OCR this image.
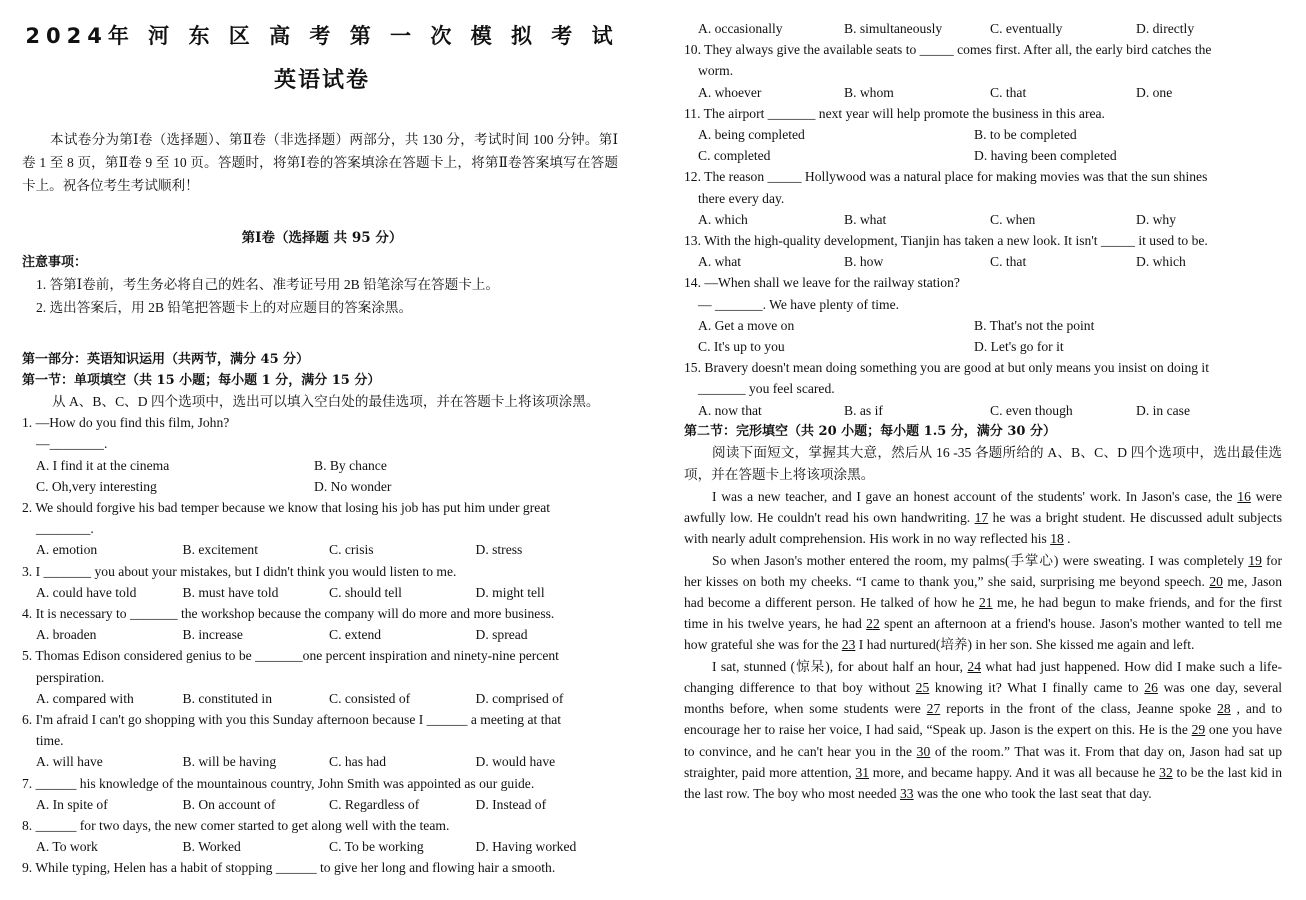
2024年 河 东 区 高 考 第 一 次 模 拟 考 试
英语试卷
本试卷分为第Ⅰ卷（选择题）、第Ⅱ卷（非选择题）两部分，共 130 分，考试时间 100 分钟。第Ⅰ卷 1 至 8 页，第Ⅱ卷 9 至 10 页。答题时，将第Ⅰ卷的答案填涂在答题卡上，将第Ⅱ卷答案填写在答题卡上。祝各位考生考试顺利！
第Ⅰ卷（选择题 共 95 分）
注意事项：
1. 答第Ⅰ卷前，考生务必将自己的姓名、准考证号用 2B 铅笔涂写在答题卡上。
2. 选出答案后，用 2B 铅笔把答题卡上的对应题目的答案涂黑。
第一部分：英语知识运用（共两节，满分 45 分）
第一节：单项填空（共 15 小题；每小题 1 分，满分 15 分）
从 A、B、C、D 四个选项中，选出可以填入空白处的最佳选项，并在答题卡上将该项涂黑。
1. —How do you find this film, John?
—________.
A. I find it at the cinema	B. By chance
C. Oh,very interesting	D. No wonder
2. We should forgive his bad temper because we know that losing his job has put him under great
________.
A. emotion	B. excitement	C. crisis	D. stress
3. I _______ you about your mistakes, but I didn't think you would listen to me.
A. could have told	B. must have told	C. should tell	D. might tell
4. It is necessary to _______ the workshop because the company will do more and more business.
A. broaden	B. increase	C. extend	D. spread
5. Thomas Edison considered genius to be _______one percent inspiration and ninety-nine percent
perspiration.
A. compared with	B. constituted in	C. consisted of	D. comprised of
6. I'm afraid I can't go shopping with you this Sunday afternoon because I ______ a meeting at that
time.
A. will have	B. will be having	C. has had	D. would have
7. ______ his knowledge of the mountainous country, John Smith was appointed as our guide.
A. In spite of	B. On account of	C. Regardless of	D. Instead of
8. ______ for two days, the new comer started to get along well with the team.
A. To work	B. Worked	C. To be working	D. Having worked
9. While typing, Helen has a habit of stopping ______ to give her long and flowing hair a smooth.
A. occasionally	B. simultaneously	C. eventually	D. directly
10. They always give the available seats to _____ comes first. After all, the early bird catches the
worm.
A. whoever	B. whom	C. that	D. one
11. The airport _______ next year will help promote the business in this area.
A. being completed	B. to be completed
C. completed	D. having been completed
12. The reason _____ Hollywood was a natural place for making movies was that the sun shines
there every day.
A. which	B. what	C. when	D. why
13. With the high-quality development, Tianjin has taken a new look. It isn't _____ it used to be.
A. what	B. how	C. that	D. which
14. —When shall we leave for the railway station?
— _______. We have plenty of time.
A. Get a move on	B. That's not the point
C. It's up to you	D. Let's go for it
15. Bravery doesn't mean doing something you are good at but only means you insist on doing it
_______ you feel scared.
A. now that	B. as if	C. even though	D. in case
第二节：完形填空（共 20 小题；每小题 1.5 分，满分 30 分）
阅读下面短文，掌握其大意，然后从 16 -35 各题所给的 A、B、C、D 四个选项中，选出最佳选项，并在答题卡上将该项涂黑。
I was a new teacher, and I gave an honest account of the students' work. In Jason's case, the 16 were awfully low. He couldn't read his own handwriting. 17 he was a bright student. He discussed adult subjects with nearly adult comprehension. His work in no way reflected his 18 .
So when Jason's mother entered the room, my palms(手掌心) were sweating. I was completely 19 for her kisses on both my cheeks. “I came to thank you,” she said, surprising me beyond speech. 20 me, Jason had become a different person. He talked of how he 21 me, he had begun to make friends, and for the first time in his twelve years, he had 22 spent an afternoon at a friend's house. Jason's mother wanted to tell me how grateful she was for the 23 I had nurtured(培养) in her son. She kissed me again and left.
I sat, stunned (惊呆), for about half an hour, 24 what had just happened. How did I make such a life-changing difference to that boy without 25 knowing it? What I finally came to 26 was one day, several months before, when some students were 27 reports in the front of the class, Jeanne spoke 28 , and to encourage her to raise her voice, I had said, “Speak up. Jason is the expert on this. He is the 29 one you have to convince, and he can't hear you in the 30 of the room.” That was it. From that day on, Jason had sat up straighter, paid more attention, 31 more, and became happy. And it was all because he 32 to be the last kid in the last row. The boy who most needed 33 was the one who took the last seat that day.
